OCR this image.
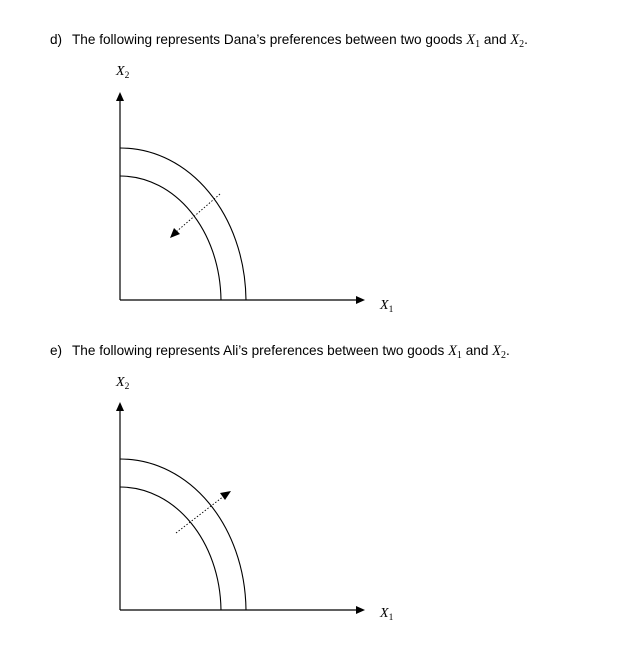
d) The following represents Dana’s preferences between two goods $X_1$ and $X_2$.
$X_2$
$X_1$
e) The following represents Ali’s preferences between two goods $X_1$ and $X_2$.
$X_2$
$X_1$
